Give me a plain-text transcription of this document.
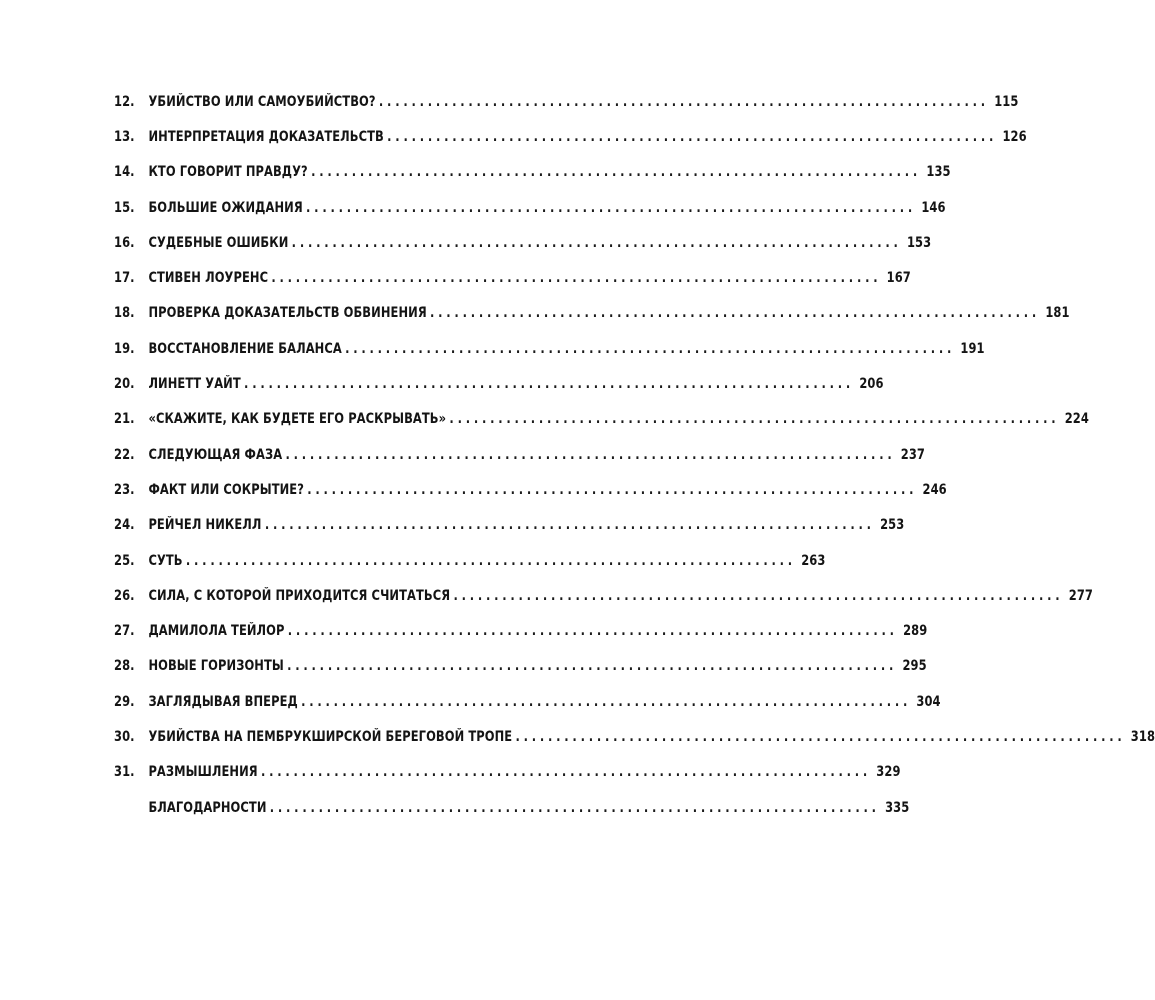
12. УБИЙСТВО ИЛИ САМОУБИЙСТВО? ........................................................................... 115
13. ИНТЕРПРЕТАЦИЯ ДОКАЗАТЕЛЬСТВ ........................................................................... 126
14. КТО ГОВОРИТ ПРАВДУ? ........................................................................... 135
15. БОЛЬШИЕ ОЖИДАНИЯ ........................................................................... 146
16. СУДЕБНЫЕ ОШИБКИ ........................................................................... 153
17. СТИВЕН ЛОУРЕНС ........................................................................... 167
18. ПРОВЕРКА ДОКАЗАТЕЛЬСТВ ОБВИНЕНИЯ ........................................................................... 181
19. ВОССТАНОВЛЕНИЕ БАЛАНСА ........................................................................... 191
20. ЛИНЕТТ УАЙТ ........................................................................... 206
21. «СКАЖИТЕ, КАК БУДЕТЕ ЕГО РАСКРЫВАТЬ» ........................................................................... 224
22. СЛЕДУЮЩАЯ ФАЗА ........................................................................... 237
23. ФАКТ ИЛИ СОКРЫТИЕ? ........................................................................... 246
24. РЕЙЧЕЛ НИКЕЛЛ ........................................................................... 253
25. СУТЬ ........................................................................... 263
26. СИЛА, С КОТОРОЙ ПРИХОДИТСЯ СЧИТАТЬСЯ ........................................................................... 277
27. ДАМИЛОЛА ТЕЙЛОР ........................................................................... 289
28. НОВЫЕ ГОРИЗОНТЫ ........................................................................... 295
29. ЗАГЛЯДЫВАЯ ВПЕРЕД ........................................................................... 304
30. УБИЙСТВА НА ПЕМБРУКШИРСКОЙ БЕРЕГОВОЙ ТРОПЕ ........................................................................... 318
31. РАЗМЫШЛЕНИЯ ........................................................................... 329
БЛАГОДАРНОСТИ ........................................................................... 335
